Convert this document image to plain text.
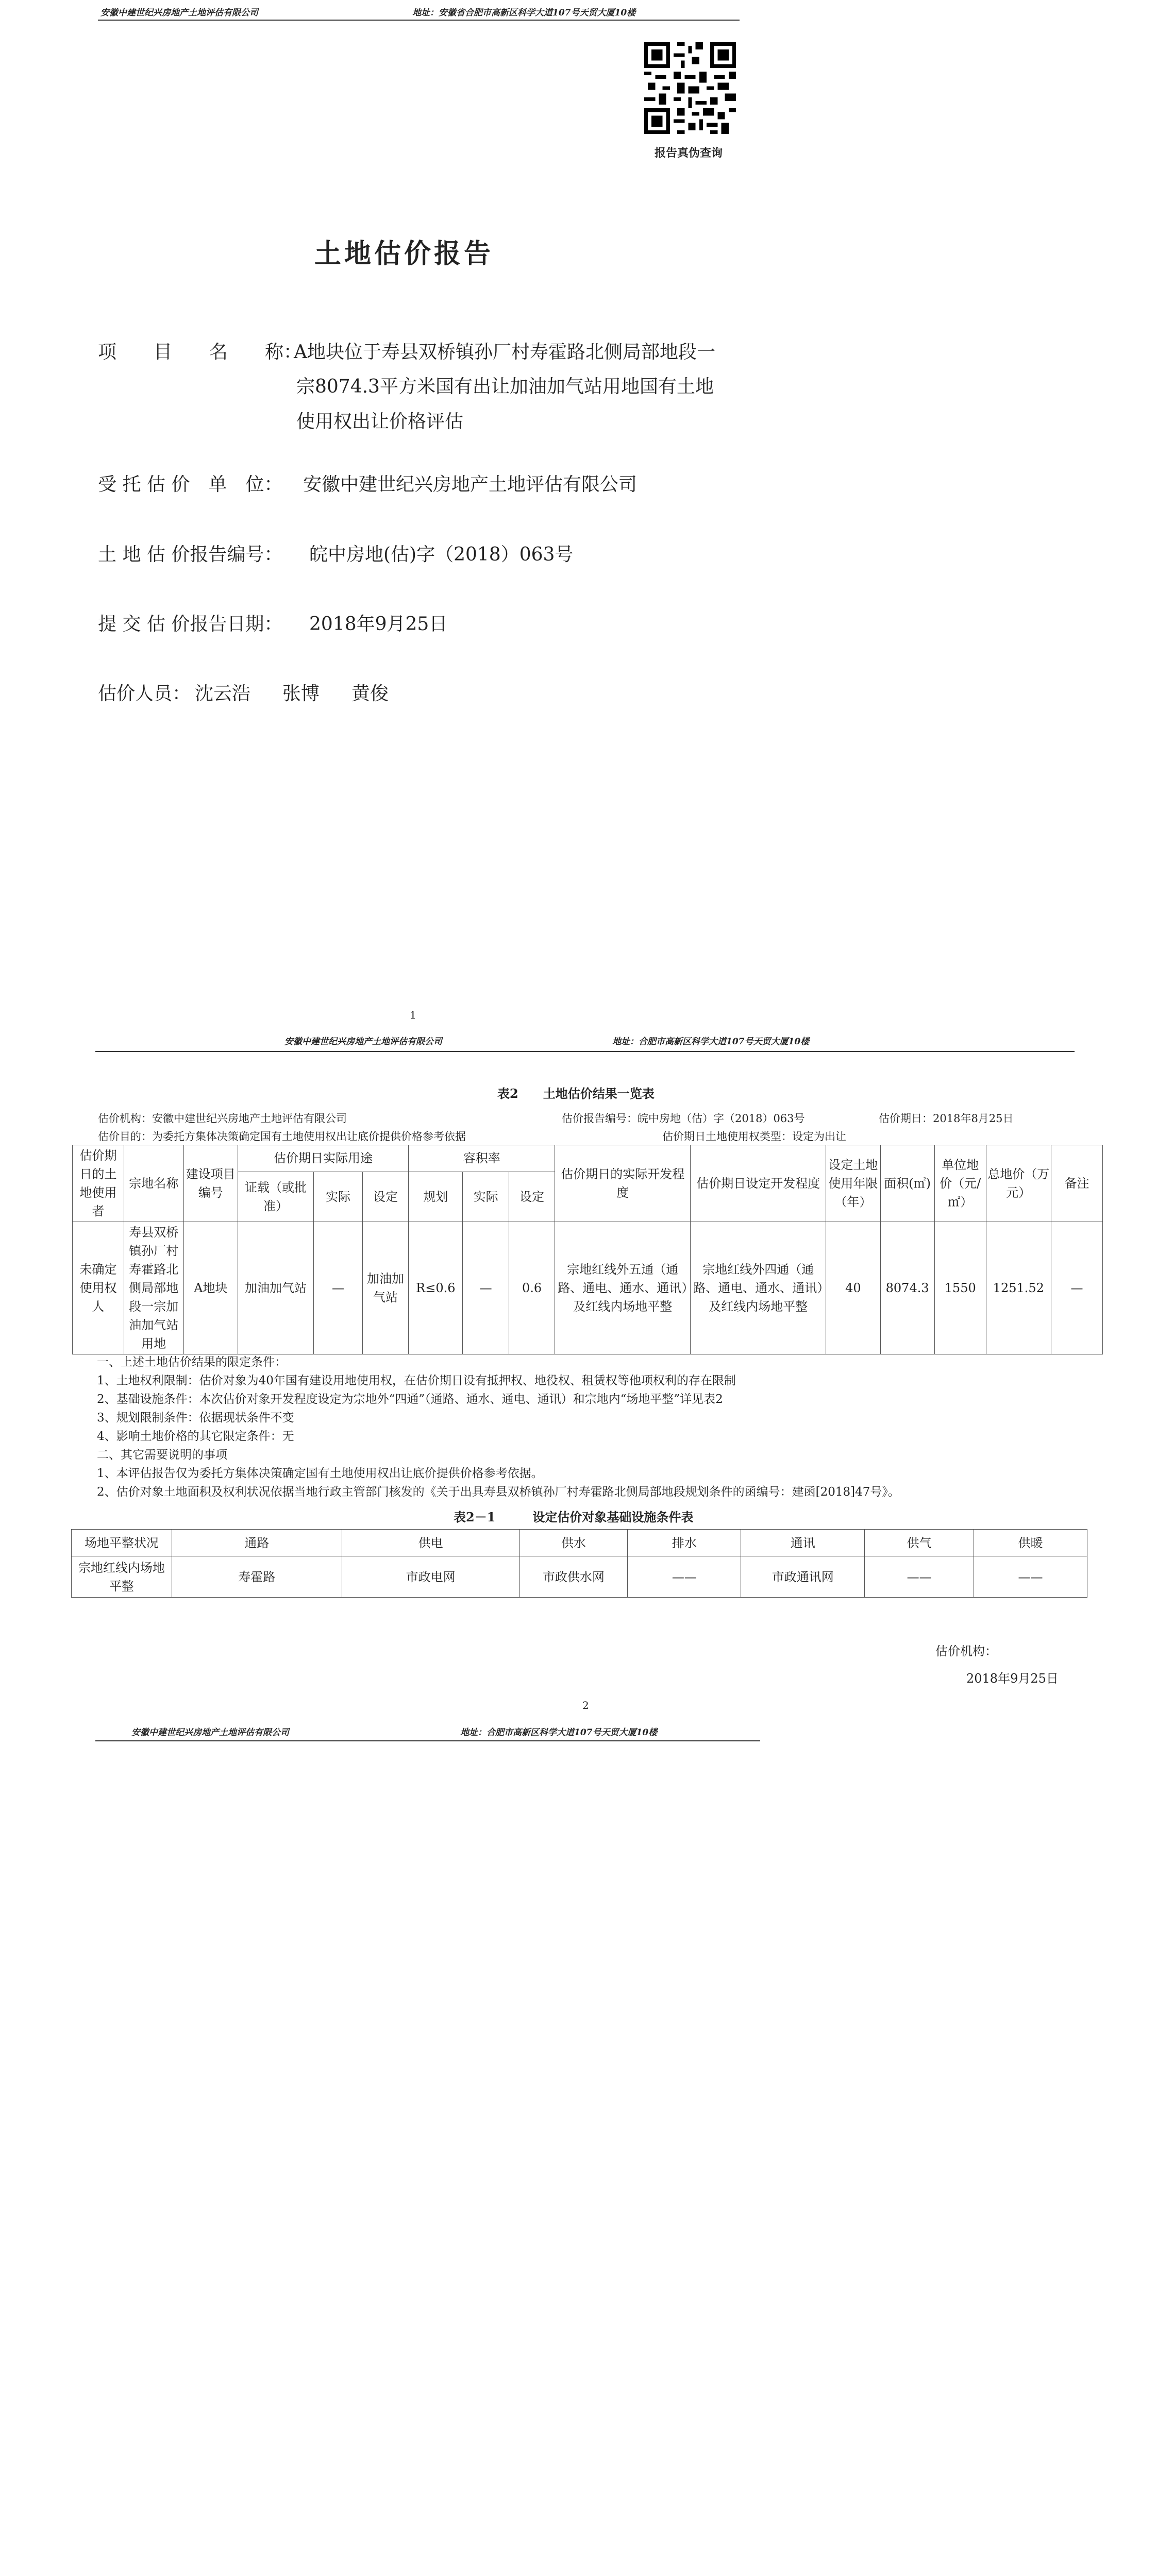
安徽中建世纪兴房地产土地评估有限公司	地址：安徽省合肥市高新区科学大道107号天贸大厦10楼
报告真伪查询
土地估价报告
项　　目　　名　　称：
A地块位于寿县双桥镇孙厂村寿霍路北侧局部地段一
宗8074.3平方米国有出让加油加气站用地国有土地
使用权出让价格评估
受 托 估 价　单　位： 安徽中建世纪兴房地产土地评估有限公司
土 地 估 价报告编号： 皖中房地(估)字（2018）063号
提 交 估 价报告日期： 2018年9月25日
估价人员： 沈云浩 张博 黄俊
1
安徽中建世纪兴房地产土地评估有限公司	地址：合肥市高新区科学大道107号天贸大厦10楼
表2　　土地估价结果一览表
估价机构：安徽中建世纪兴房地产土地评估有限公司	估价报告编号：皖中房地（估）字（2018）063号	估价期日：2018年8月25日
估价目的：为委托方集体决策确定国有土地使用权出让底价提供价格参考依据	估价期日土地使用权类型：设定为出让
估价期日的土地使用者	宗地名称	建设项目编号	估价期日实际用途			容积率			估价期日的实际开发程度	估价期日设定开发程度	设定土地使用年限（年）	面积(㎡)	单位地价（元/㎡）	总地价（万元）	备注
			证载（或批准）	实际	设定	规划	实际	设定							
未确定使用权人	寿县双桥镇孙厂村寿霍路北侧局部地段一宗加油加气站用地	A地块	加油加气站	—	加油加气站	R≤0.6	—	0.6	宗地红线外五通（通路、通电、通水、通讯）及红线内场地平整	宗地红线外四通（通路、通电、通水、通讯）及红线内场地平整	40	8074.3	1550	1251.52	—
一、上述土地估价结果的限定条件：
1、土地权利限制：估价对象为40年国有建设用地使用权，在估价期日设有抵押权、地役权、租赁权等他项权利的存在限制
2、基础设施条件：本次估价对象开发程度设定为宗地外“四通”（通路、通水、通电、通讯）和宗地内“场地平整”详见表2
3、规划限制条件：依据现状条件不变
4、影响土地价格的其它限定条件：无
二、其它需要说明的事项
1、本评估报告仅为委托方集体决策确定国有土地使用权出让底价提供价格参考依据。
2、估价对象土地面积及权利状况依据当地行政主管部门核发的《关于出具寿县双桥镇孙厂村寿霍路北侧局部地段规划条件的函编号：建函[2018]47号》。
表2－1　　　设定估价对象基础设施条件表
场地平整状况	通路	供电	供水	排水	通讯	供气	供暖
宗地红线内场地平整	寿霍路	市政电网	市政供水网	——	市政通讯网	——	——
估价机构：
2018年9月25日
2
安徽中建世纪兴房地产土地评估有限公司	地址：合肥市高新区科学大道107号天贸大厦10楼
